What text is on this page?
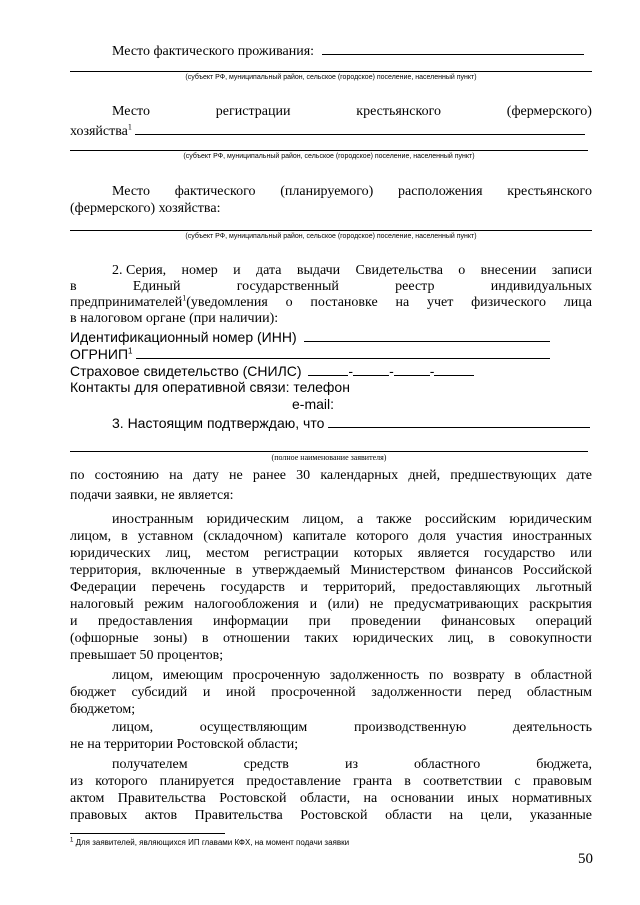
Место фактического проживания:
(субъект РФ, муниципальный район, сельское (городское) поселение, населенный пункт)
Место	регистрации	крестьянского	(фермерского)
хозяйства$^1$
(субъект РФ, муниципальный район, сельское (городское) поселение, населенный пункт)
Место фактического (планируемого) расположения крестьянского
(фермерского) хозяйства:
(субъект РФ, муниципальный район, сельское (городское) поселение, населенный пункт)
2. Серия, номер и дата выдачи Свидетельства о внесении записи
в	Единый	государственный	реестр	индивидуальных
предпринимателей$^1$(уведомления о постановке на учет физического лица
в налоговом органе (при наличии):
Идентификационный номер (ИНН)
ОГРНИП$^1$
Страховое свидетельство (СНИЛС)	-	-	-
Контакты для оперативной связи: телефон
e-mail:
3. Настоящим подтверждаю, что
(полное наименование заявителя)
по состоянию на дату не ранее 30 календарных дней, предшествующих дате
подачи заявки, не является:
иностранным юридическим лицом, а также российским юридическим
лицом, в уставном (складочном) капитале которого доля участия иностранных
юридических лиц, местом регистрации которых является государство или
территория, включенные в утверждаемый Министерством финансов Российской
Федерации перечень государств и территорий, предоставляющих льготный
налоговый режим налогообложения и (или) не предусматривающих раскрытия
и предоставления информации при проведении финансовых операций
(офшорные зоны) в отношении таких юридических лиц, в совокупности
превышает 50 процентов;
лицом, имеющим просроченную задолженность по возврату в областной
бюджет субсидий и иной просроченной задолженности перед областным
бюджетом;
лицом,	осуществляющим	производственную	деятельность
не на территории Ростовской области;
получателем	средств	из	областного	бюджета,
из которого планируется предоставление гранта в соответствии с правовым
актом Правительства Ростовской области, на основании иных нормативных
правовых актов Правительства Ростовской области на цели, указанные
$^1$ Для заявителей, являющихся ИП главами КФХ, на момент подачи заявки
50
